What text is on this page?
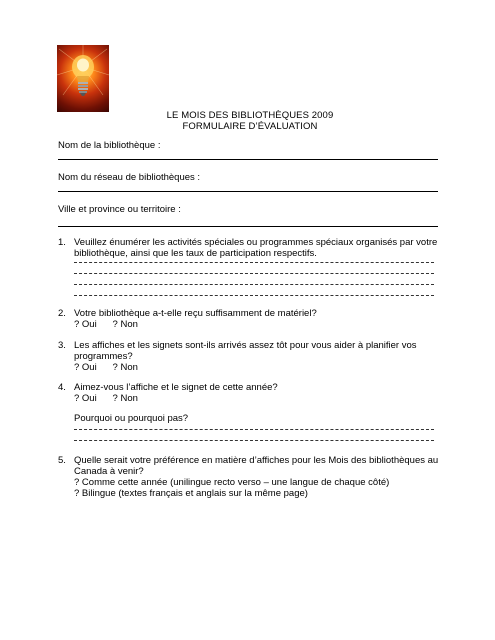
LE MOIS DES BIBLIOTHÈQUES 2009
FORMULAIRE D’ÉVALUATION
Nom de la bibliothèque :
Nom du réseau de bibliothèques :
Ville et province ou territoire :
1. Veuillez énumérer les activités spéciales ou programmes spéciaux organisés par votre bibliothèque, ainsi que les taux de participation respectifs.
2. Votre bibliothèque a-t-elle reçu suffisamment de matériel?
? Oui      ? Non
3. Les affiches et les signets sont-ils arrivés assez tôt pour vous aider à planifier vos programmes?
? Oui      ? Non
4. Aimez-vous l’affiche et le signet de cette année?
? Oui      ? Non
Pourquoi ou pourquoi pas?
5. Quelle serait votre préférence en matière d’affiches pour les Mois des bibliothèques au Canada à venir?
? Comme cette année (unilingue recto verso – une langue de chaque côté)
? Bilingue (textes français et anglais sur la même page)
